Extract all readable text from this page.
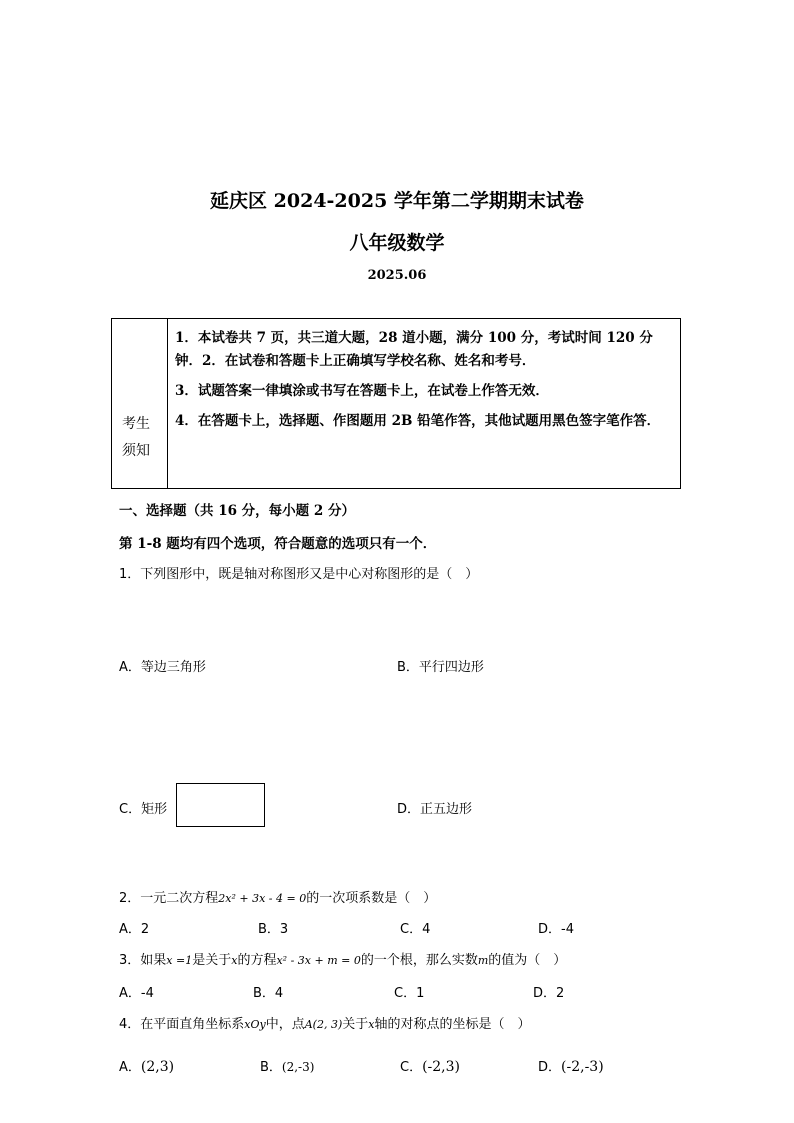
延庆区 2024-2025 学年第二学期期末试卷
八年级数学
2025.06
考生
须知

1．本试卷共 7 页，共三道大题，28 道小题，满分 100 分，考试时间 120 分钟．2．在试卷和答题卡上正确填写学校名称、姓名和考号．

3．试题答案一律填涂或书写在答题卡上，在试卷上作答无效．

4．在答题卡上，选择题、作图题用 2B 铅笔作答，其他试题用黑色签字笔作答．

一、选择题（共 16 分，每小题 2 分）
第 1-8 题均有四个选项，符合题意的选项只有一个．
1．下列图形中，既是轴对称图形又是中心对称图形的是（　）
A．等边三角形	B．平行四边形
C．矩形	D．正五边形
2．一元二次方程2x² + 3x - 4 = 0的一次项系数是（　）
A．2	B．3	C．4	D．-4
3．如果x =1是关于x的方程x² - 3x + m = 0的一个根，那么实数m的值为（　）
A．-4	B．4	C．1	D．2
4．在平面直角坐标系xOy中，点A(2, 3)关于x轴的对称点的坐标是（　）
A．(2,3)	B．(2,-3)	C．(-2,3)	D．(-2,-3)
